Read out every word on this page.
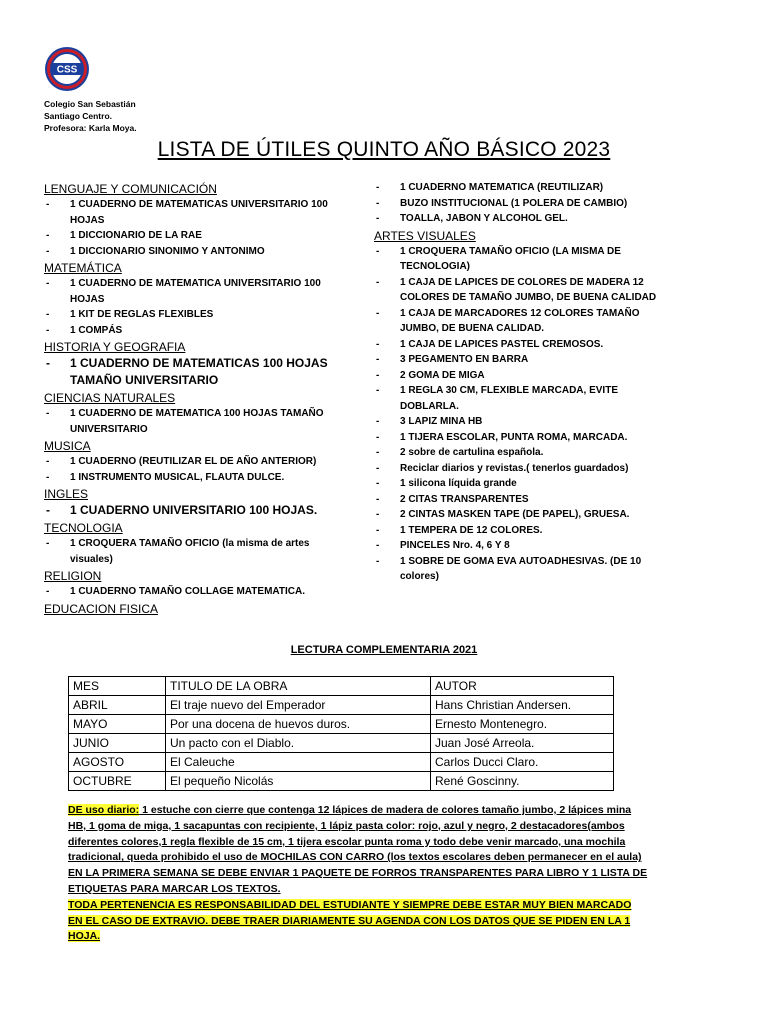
CSS
Colegio San Sebastián
Santiago Centro.
Profesora: Karla Moya.
LISTA DE ÚTILES QUINTO AÑO BÁSICO 2023
LENGUAJE Y COMUNICACIÓN
-	1 CUADERNO DE MATEMATICAS UNIVERSITARIO 100 HOJAS
-	1 DICCIONARIO DE LA RAE
-	1 DICCIONARIO SINONIMO Y ANTONIMO
MATEMÁTICA
-	1 CUADERNO DE MATEMATICA UNIVERSITARIO 100 HOJAS
-	1 KIT DE REGLAS FLEXIBLES
-	1 COMPÁS
HISTORIA Y GEOGRAFIA
-	1 CUADERNO DE MATEMATICAS 100 HOJAS TAMAÑO UNIVERSITARIO
CIENCIAS NATURALES
-	1 CUADERNO DE MATEMATICA 100 HOJAS TAMAÑO UNIVERSITARIO
MUSICA
-	1 CUADERNO (REUTILIZAR EL DE AÑO ANTERIOR)
-	1 INSTRUMENTO MUSICAL, FLAUTA DULCE.
INGLES
-	1 CUADERNO UNIVERSITARIO 100 HOJAS.
TECNOLOGIA
-	1 CROQUERA TAMAÑO OFICIO (la misma de artes visuales)
RELIGION
-	1 CUADERNO TAMAÑO COLLAGE MATEMATICA.
EDUCACION FISICA
-	1 CUADERNO MATEMATICA (REUTILIZAR)
-	BUZO INSTITUCIONAL (1 POLERA DE CAMBIO)
-	TOALLA, JABON Y ALCOHOL GEL.
ARTES VISUALES
-	1 CROQUERA TAMAÑO OFICIO (LA MISMA DE TECNOLOGIA)
-	1 CAJA DE LAPICES DE COLORES DE MADERA 12 COLORES DE TAMAÑO JUMBO, DE BUENA CALIDAD
-	1 CAJA DE MARCADORES 12 COLORES TAMAÑO JUMBO, DE BUENA CALIDAD.
-	1 CAJA DE LAPICES PASTEL CREMOSOS.
-	3 PEGAMENTO EN BARRA
-	2 GOMA DE MIGA
-	1 REGLA 30 CM, FLEXIBLE MARCADA, EVITE DOBLARLA.
-	3 LAPIZ MINA HB
-	1 TIJERA ESCOLAR, PUNTA ROMA, MARCADA.
-	2 sobre de cartulina española.
-	Reciclar diarios y revistas.( tenerlos guardados)
-	1 silicona líquida grande
-	2 CITAS TRANSPARENTES
-	2 CINTAS MASKEN TAPE (DE PAPEL), GRUESA.
-	1 TEMPERA DE 12 COLORES.
-	PINCELES Nro. 4, 6 Y 8
-	1 SOBRE DE GOMA EVA AUTOADHESIVAS. (DE 10 colores)
LECTURA COMPLEMENTARIA 2021
MES	TITULO DE LA OBRA	AUTOR
ABRIL	El traje nuevo del Emperador	Hans Christian Andersen.
MAYO	Por una docena de huevos duros.	Ernesto Montenegro.
JUNIO	Un pacto con el Diablo.	Juan José Arreola.
AGOSTO	El Caleuche	Carlos Ducci Claro.
OCTUBRE	El pequeño Nicolás	René Goscinny.
DE uso diario: 1 estuche con cierre que contenga 12 lápices de madera de colores tamaño jumbo, 2 lápices mina HB, 1 goma de miga, 1 sacapuntas con recipiente, 1 lápiz pasta color: rojo, azul y negro, 2 destacadores(ambos diferentes colores,1 regla flexible de 15 cm, 1 tijera escolar punta roma y todo debe venir marcado, una mochila tradicional, queda prohibido el uso de MOCHILAS CON CARRO (los textos escolares deben permanecer en el aula)
EN LA PRIMERA SEMANA SE DEBE ENVIAR 1 PAQUETE DE FORROS TRANSPARENTES PARA LIBRO Y 1 LISTA DE ETIQUETAS PARA MARCAR LOS TEXTOS.
TODA PERTENENCIA ES RESPONSABILIDAD DEL ESTUDIANTE Y SIEMPRE DEBE ESTAR MUY BIEN MARCADO EN EL CASO DE EXTRAVIO. DEBE TRAER DIARIAMENTE SU AGENDA CON LOS DATOS QUE SE PIDEN EN LA 1 HOJA.
